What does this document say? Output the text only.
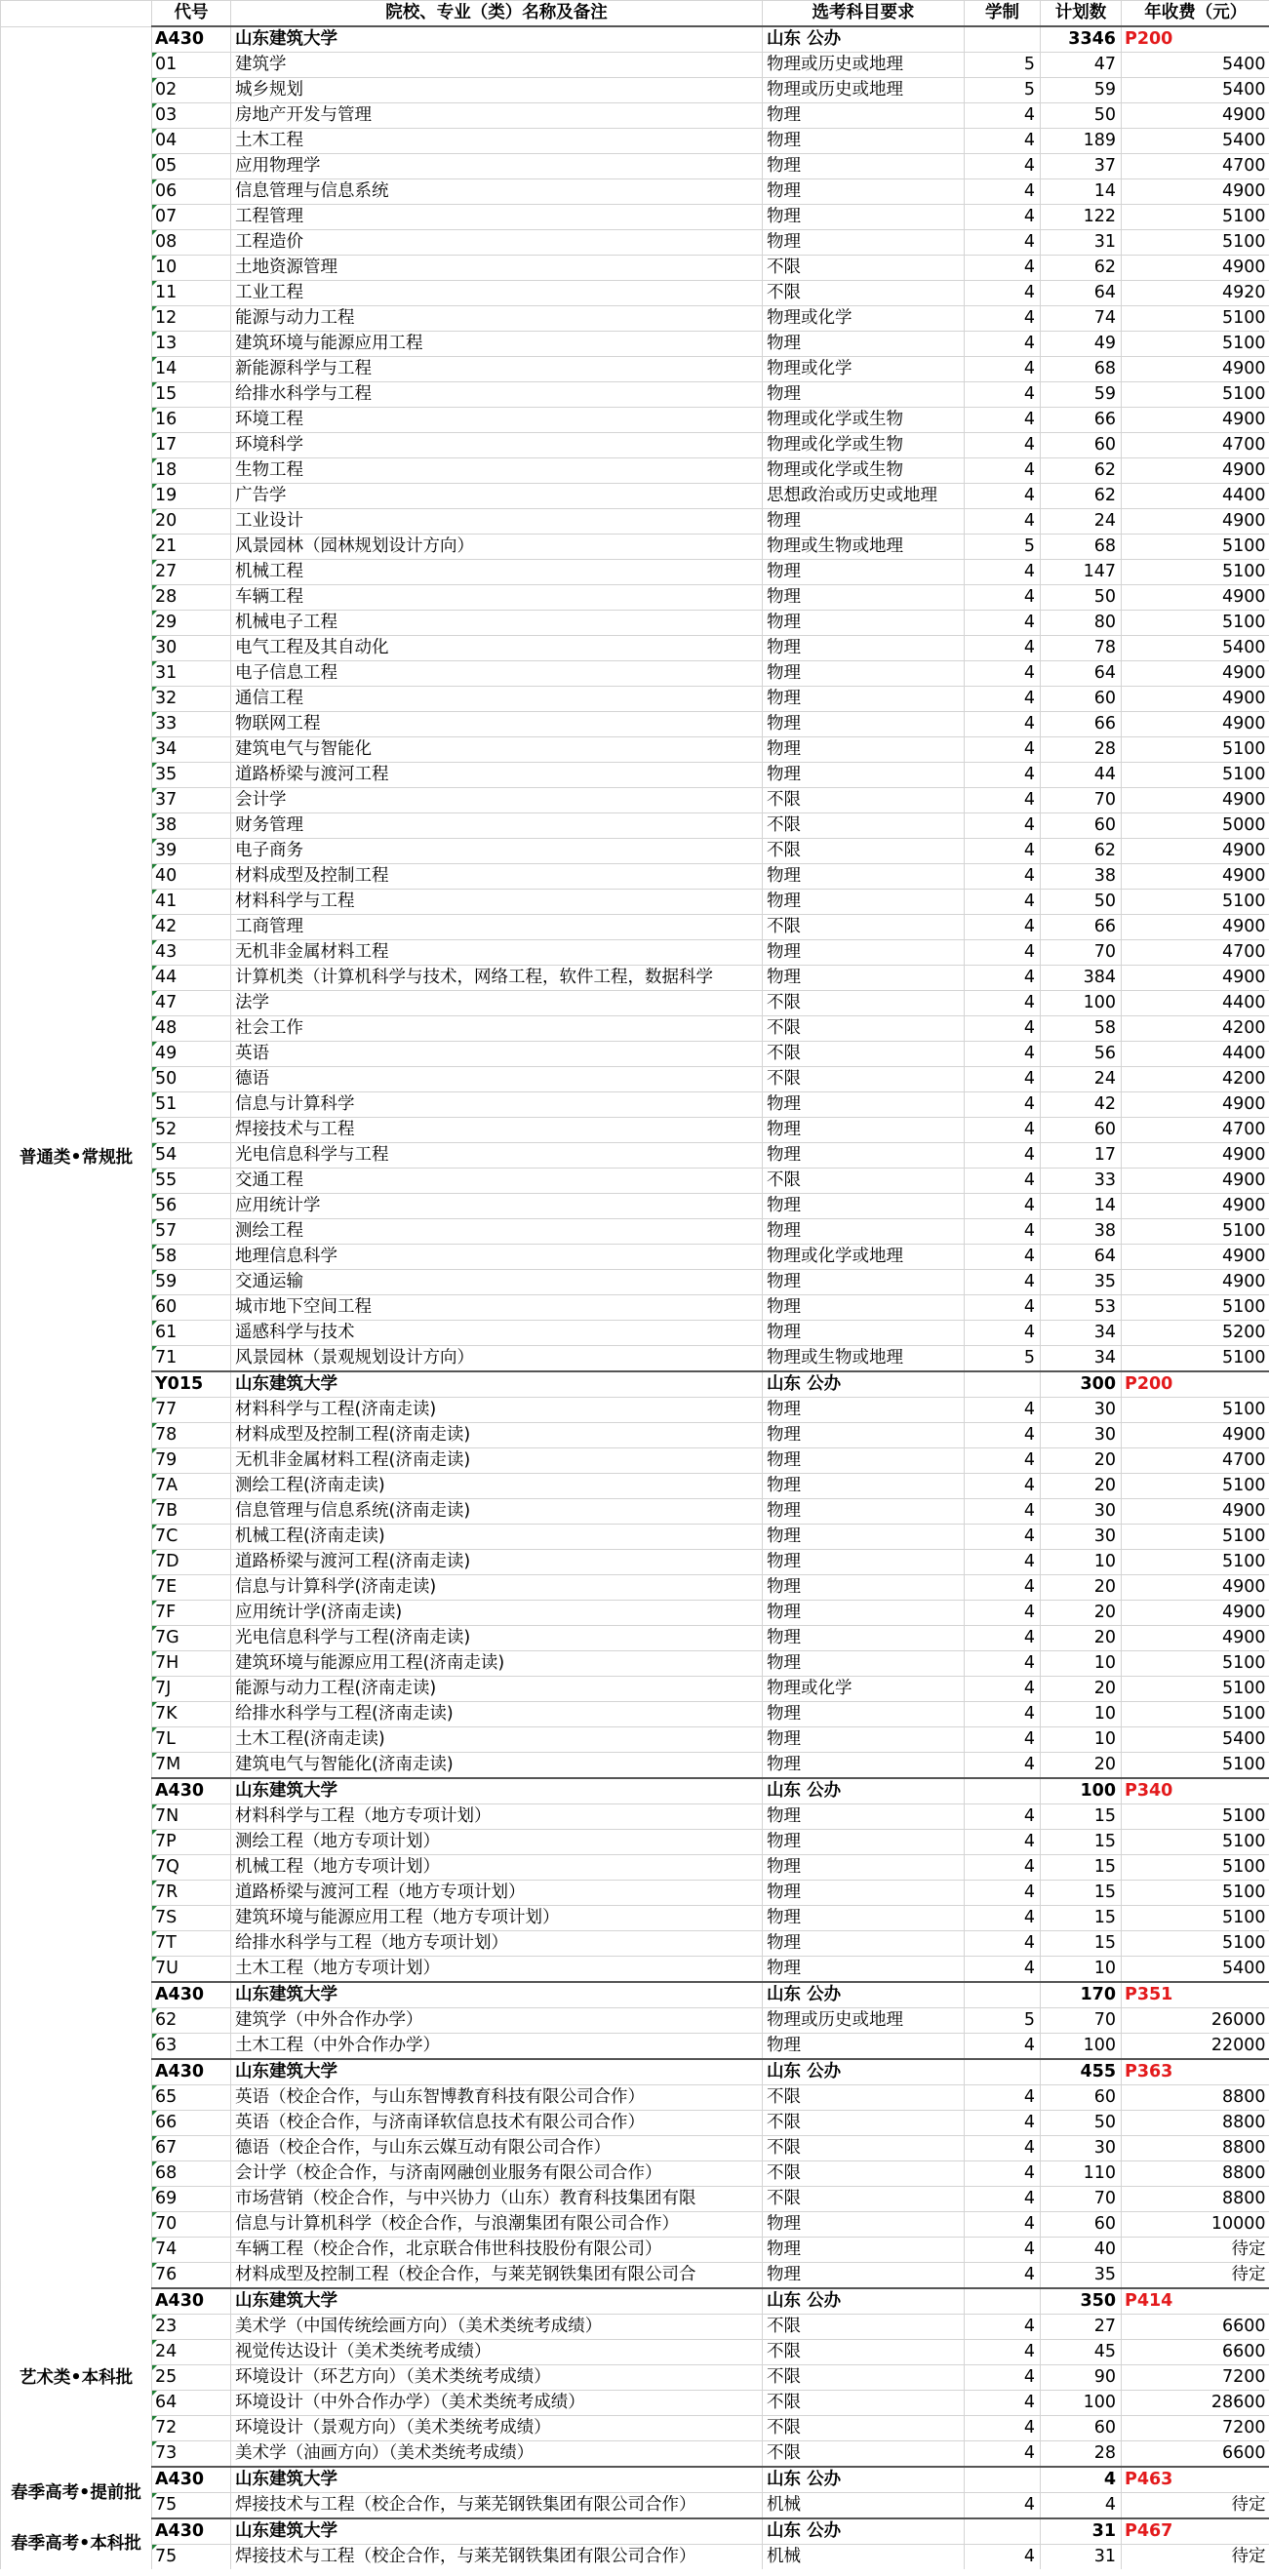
	代号	院校、专业（类）名称及备注	选考科目要求	学制	计划数	年收费（元）
普通类•常规批	A430	山东建筑大学	山东 公办		3346	P200
	01	建筑学	物理或历史或地理	5	47	5400
	02	城乡规划	物理或历史或地理	5	59	5400
	03	房地产开发与管理	物理	4	50	4900
	04	土木工程	物理	4	189	5400
	05	应用物理学	物理	4	37	4700
	06	信息管理与信息系统	物理	4	14	4900
	07	工程管理	物理	4	122	5100
	08	工程造价	物理	4	31	5100
	10	土地资源管理	不限	4	62	4900
	11	工业工程	不限	4	64	4920
	12	能源与动力工程	物理或化学	4	74	5100
	13	建筑环境与能源应用工程	物理	4	49	5100
	14	新能源科学与工程	物理或化学	4	68	4900
	15	给排水科学与工程	物理	4	59	5100
	16	环境工程	物理或化学或生物	4	66	4900
	17	环境科学	物理或化学或生物	4	60	4700
	18	生物工程	物理或化学或生物	4	62	4900
	19	广告学	思想政治或历史或地理	4	62	4400
	20	工业设计	物理	4	24	4900
	21	风景园林（园林规划设计方向）	物理或生物或地理	5	68	5100
	27	机械工程	物理	4	147	5100
	28	车辆工程	物理	4	50	4900
	29	机械电子工程	物理	4	80	5100
	30	电气工程及其自动化	物理	4	78	5400
	31	电子信息工程	物理	4	64	4900
	32	通信工程	物理	4	60	4900
	33	物联网工程	物理	4	66	4900
	34	建筑电气与智能化	物理	4	28	5100
	35	道路桥梁与渡河工程	物理	4	44	5100
	37	会计学	不限	4	70	4900
	38	财务管理	不限	4	60	5000
	39	电子商务	不限	4	62	4900
	40	材料成型及控制工程	物理	4	38	4900
	41	材料科学与工程	物理	4	50	5100
	42	工商管理	不限	4	66	4900
	43	无机非金属材料工程	物理	4	70	4700
	44	计算机类（计算机科学与技术，网络工程，软件工程，数据科学	物理	4	384	4900
	47	法学	不限	4	100	4400
	48	社会工作	不限	4	58	4200
	49	英语	不限	4	56	4400
	50	德语	不限	4	24	4200
	51	信息与计算科学	物理	4	42	4900
	52	焊接技术与工程	物理	4	60	4700
	54	光电信息科学与工程	物理	4	17	4900
	55	交通工程	不限	4	33	4900
	56	应用统计学	物理	4	14	4900
	57	测绘工程	物理	4	38	5100
	58	地理信息科学	物理或化学或地理	4	64	4900
	59	交通运输	物理	4	35	4900
	60	城市地下空间工程	物理	4	53	5100
	61	遥感科学与技术	物理	4	34	5200
	71	风景园林（景观规划设计方向）	物理或生物或地理	5	34	5100
	Y015	山东建筑大学	山东 公办		300	P200
	77	材料科学与工程(济南走读)	物理	4	30	5100
	78	材料成型及控制工程(济南走读)	物理	4	30	4900
	79	无机非金属材料工程(济南走读)	物理	4	20	4700
	7A	测绘工程(济南走读)	物理	4	20	5100
	7B	信息管理与信息系统(济南走读)	物理	4	30	4900
	7C	机械工程(济南走读)	物理	4	30	5100
	7D	道路桥梁与渡河工程(济南走读)	物理	4	10	5100
	7E	信息与计算科学(济南走读)	物理	4	20	4900
	7F	应用统计学(济南走读)	物理	4	20	4900
	7G	光电信息科学与工程(济南走读)	物理	4	20	4900
	7H	建筑环境与能源应用工程(济南走读)	物理	4	10	5100
	7J	能源与动力工程(济南走读)	物理或化学	4	20	5100
	7K	给排水科学与工程(济南走读)	物理	4	10	5100
	7L	土木工程(济南走读)	物理	4	10	5400
	7M	建筑电气与智能化(济南走读)	物理	4	20	5100
	A430	山东建筑大学	山东 公办		100	P340
	7N	材料科学与工程（地方专项计划）	物理	4	15	5100
	7P	测绘工程（地方专项计划）	物理	4	15	5100
	7Q	机械工程（地方专项计划）	物理	4	15	5100
	7R	道路桥梁与渡河工程（地方专项计划）	物理	4	15	5100
	7S	建筑环境与能源应用工程（地方专项计划）	物理	4	15	5100
	7T	给排水科学与工程（地方专项计划）	物理	4	15	5100
	7U	土木工程（地方专项计划）	物理	4	10	5400
	A430	山东建筑大学	山东 公办		170	P351
	62	建筑学（中外合作办学）	物理或历史或地理	5	70	26000
	63	土木工程（中外合作办学）	物理	4	100	22000
	A430	山东建筑大学	山东 公办		455	P363
	65	英语（校企合作，与山东智博教育科技有限公司合作）	不限	4	60	8800
	66	英语（校企合作，与济南译软信息技术有限公司合作）	不限	4	50	8800
	67	德语（校企合作，与山东云媒互动有限公司合作）	不限	4	30	8800
	68	会计学（校企合作，与济南网融创业服务有限公司合作）	不限	4	110	8800
	69	市场营销（校企合作，与中兴协力（山东）教育科技集团有限	不限	4	70	8800
	70	信息与计算机科学（校企合作，与浪潮集团有限公司合作）	物理	4	60	10000
	74	车辆工程（校企合作，北京联合伟世科技股份有限公司）	物理	4	40	待定
	76	材料成型及控制工程（校企合作，与莱芜钢铁集团有限公司合	物理	4	35	待定
艺术类•本科批	A430	山东建筑大学	山东 公办		350	P414
	23	美术学（中国传统绘画方向）（美术类统考成绩）	不限	4	27	6600
	24	视觉传达设计（美术类统考成绩）	不限	4	45	6600
	25	环境设计（环艺方向）（美术类统考成绩）	不限	4	90	7200
	64	环境设计（中外合作办学）（美术类统考成绩）	不限	4	100	28600
	72	环境设计（景观方向）（美术类统考成绩）	不限	4	60	7200
	73	美术学（油画方向）（美术类统考成绩）	不限	4	28	6600
春季高考•提前批	A430	山东建筑大学	山东 公办		4	P463
	75	焊接技术与工程（校企合作，与莱芜钢铁集团有限公司合作）	机械	4	4	待定
春季高考•本科批	A430	山东建筑大学	山东 公办		31	P467
	75	焊接技术与工程（校企合作，与莱芜钢铁集团有限公司合作）	机械	4	31	待定
